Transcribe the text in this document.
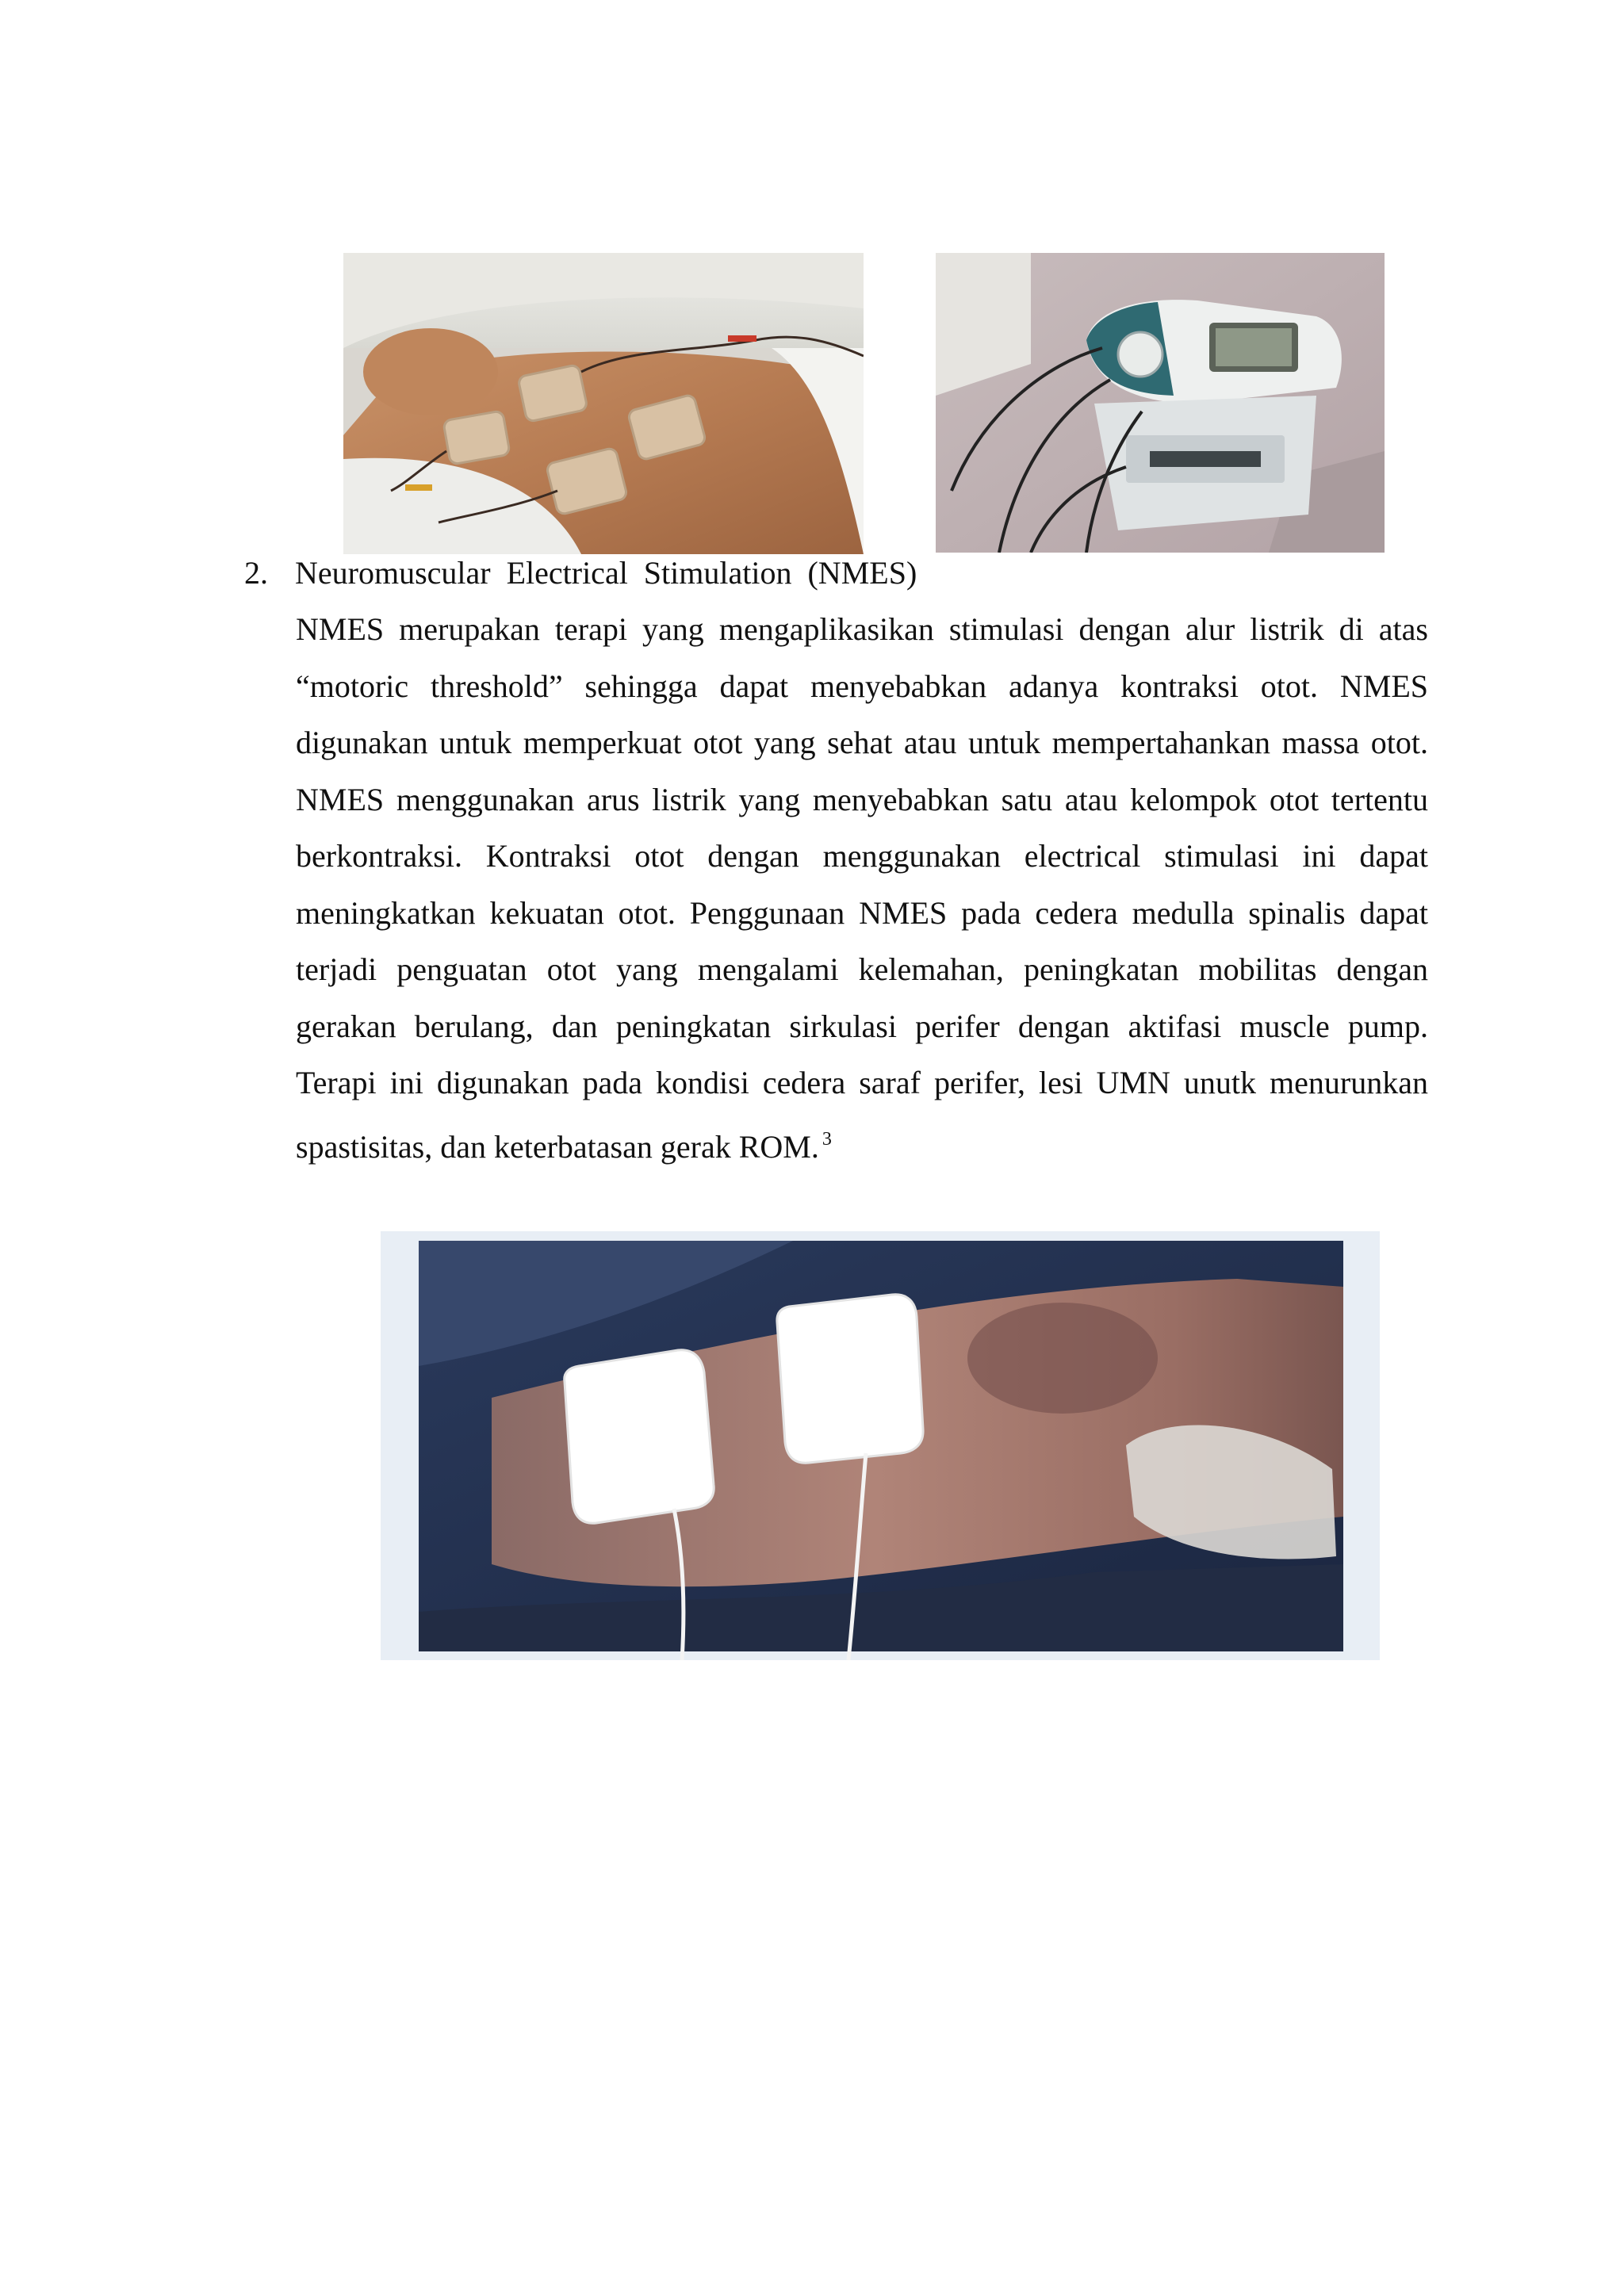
2. Neuromuscular Electrical Stimulation (NMES)
NMES merupakan terapi yang mengaplikasikan stimulasi dengan alur listrik di atas
“motoric threshold” sehingga dapat menyebabkan adanya kontraksi otot. NMES
digunakan untuk memperkuat otot yang sehat atau untuk mempertahankan massa otot.
NMES menggunakan arus listrik yang menyebabkan satu atau kelompok otot tertentu
berkontraksi. Kontraksi otot dengan menggunakan electrical stimulasi ini dapat
meningkatkan kekuatan otot. Penggunaan NMES pada cedera medulla spinalis dapat
terjadi penguatan otot yang mengalami kelemahan, peningkatan mobilitas dengan
gerakan berulang, dan peningkatan sirkulasi perifer dengan aktifasi muscle pump.
Terapi ini digunakan pada kondisi cedera saraf perifer, lesi UMN unutk menurunkan
spastisitas, dan keterbatasan gerak ROM. $^3$
